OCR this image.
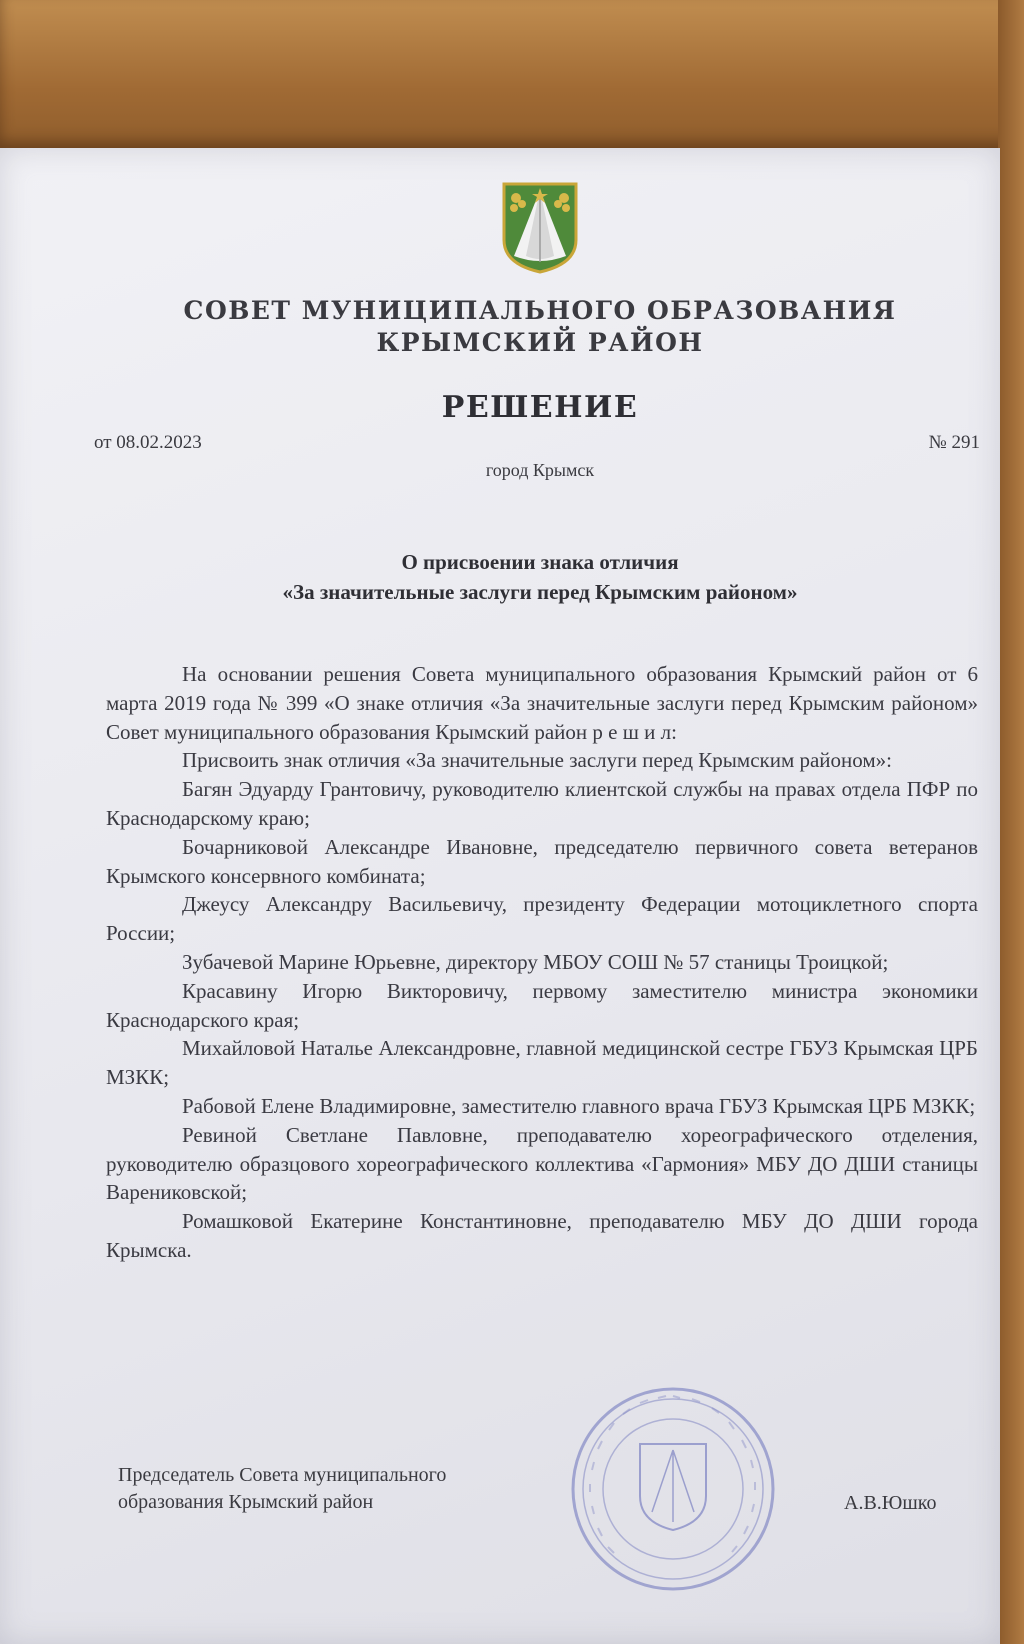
СОВЕТ МУНИЦИПАЛЬНОГО ОБРАЗОВАНИЯ
КРЫМСКИЙ РАЙОН
РЕШЕНИЕ
от 08.02.2023	№ 291
город Крымск
О присвоении знака отличия
«За значительные заслуги перед Крымским районом»

На основании решения Совета муниципального образования Крымский район от 6 марта 2019 года № 399 «О знаке отличия «За значительные заслуги перед Крымским районом» Совет муниципального образования Крымский район р е ш и л:

Присвоить знак отличия «За значительные заслуги перед Крымским районом»:

Багян Эдуарду Грантовичу, руководителю клиентской службы на правах отдела ПФР по Краснодарскому краю;

Бочарниковой Александре Ивановне, председателю первичного совета ветеранов Крымского консервного комбината;

Джеусу Александру Васильевичу, президенту Федерации мотоциклетного спорта России;

Зубачевой Марине Юрьевне, директору МБОУ СОШ № 57 станицы Троицкой;

Красавину Игорю Викторовичу, первому заместителю министра экономики Краснодарского края;

Михайловой Наталье Александровне, главной медицинской сестре ГБУЗ Крымская ЦРБ МЗКК;

Рабовой Елене Владимировне, заместителю главного врача ГБУЗ Крымская ЦРБ МЗКК;

Ревиной Светлане Павловне, преподавателю хореографического отделения, руководителю образцового хореографического коллектива «Гармония» МБУ ДО ДШИ станицы Варениковской;

Ромашковой Екатерине Константиновне, преподавателю МБУ ДО ДШИ города Крымска.

Председатель Совета муниципального
образования Крымский район	А.В.Юшко
